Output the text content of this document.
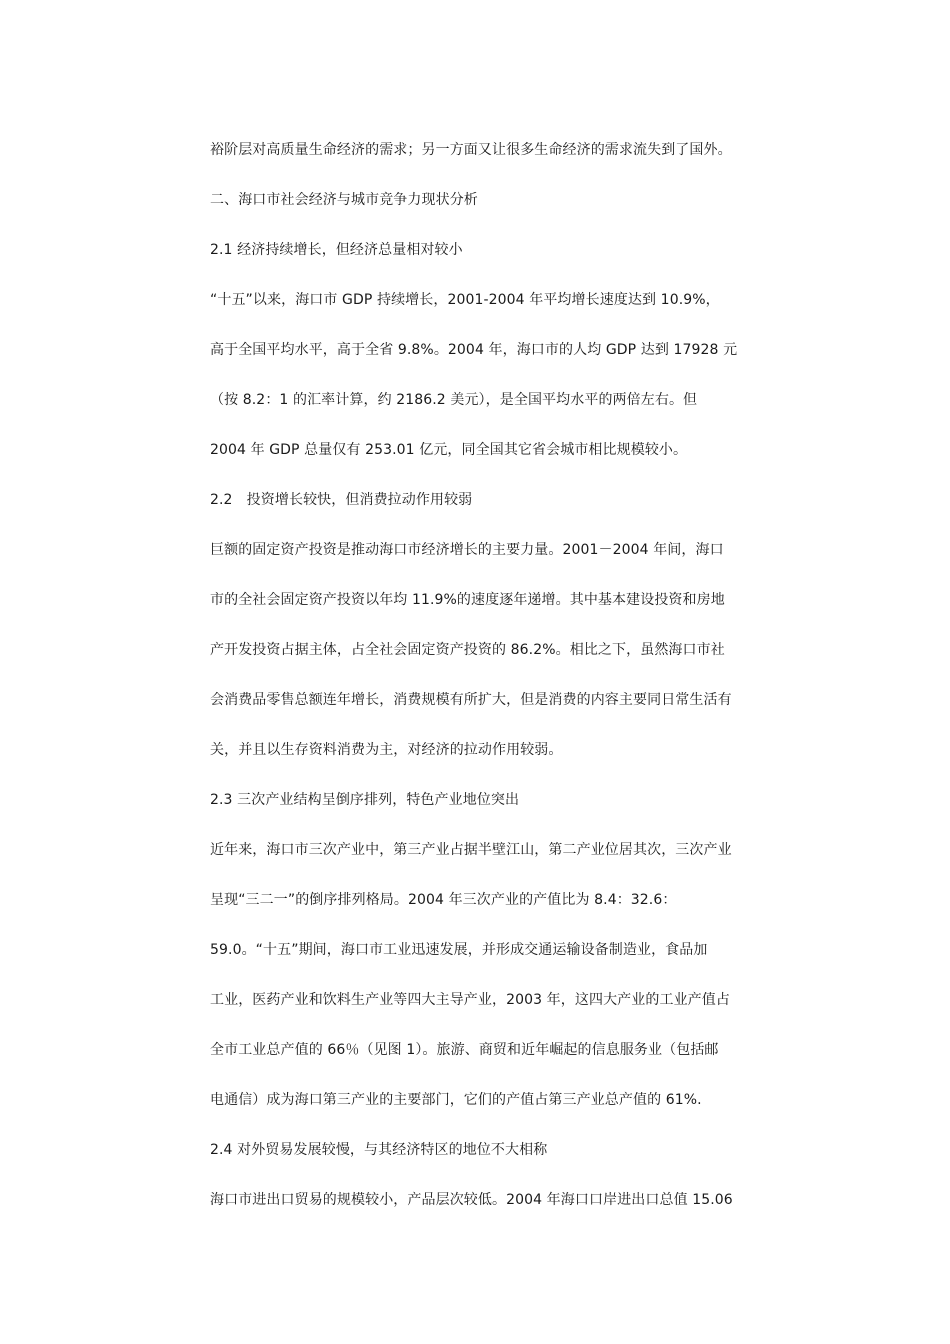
裕阶层对高质量生命经济的需求；另一方面又让很多生命经济的需求流失到了国外。
二、海口市社会经济与城市竞争力现状分析
2.1 经济持续增长，但经济总量相对较小
“十五”以来，海口市 GDP 持续增长，2001-2004 年平均增长速度达到 10.9%，
高于全国平均水平，高于全省 9.8%。2004 年，海口市的人均 GDP 达到 17928 元
（按 8.2：1 的汇率计算，约 2186.2 美元），是全国平均水平的两倍左右。但
2004 年 GDP 总量仅有 253.01 亿元，同全国其它省会城市相比规模较小。
2.2　投资增长较快，但消费拉动作用较弱
巨额的固定资产投资是推动海口市经济增长的主要力量。2001－2004 年间，海口
市的全社会固定资产投资以年均 11.9%的速度逐年递增。其中基本建设投资和房地
产开发投资占据主体，占全社会固定资产投资的 86.2%。相比之下，虽然海口市社
会消费品零售总额连年增长，消费规模有所扩大，但是消费的内容主要同日常生活有
关，并且以生存资料消费为主，对经济的拉动作用较弱。
2.3 三次产业结构呈倒序排列，特色产业地位突出
近年来，海口市三次产业中，第三产业占据半壁江山，第二产业位居其次，三次产业
呈现“三二一”的倒序排列格局。2004 年三次产业的产值比为 8.4：32.6：
59.0。“十五”期间，海口市工业迅速发展，并形成交通运输设备制造业，食品加
工业，医药产业和饮料生产业等四大主导产业，2003 年，这四大产业的工业产值占
全市工业总产值的 66％（见图 1）。旅游、商贸和近年崛起的信息服务业（包括邮
电通信）成为海口第三产业的主要部门，它们的产值占第三产业总产值的 61%.
2.4 对外贸易发展较慢，与其经济特区的地位不大相称
海口市进出口贸易的规模较小，产品层次较低。2004 年海口口岸进出口总值 15.06
